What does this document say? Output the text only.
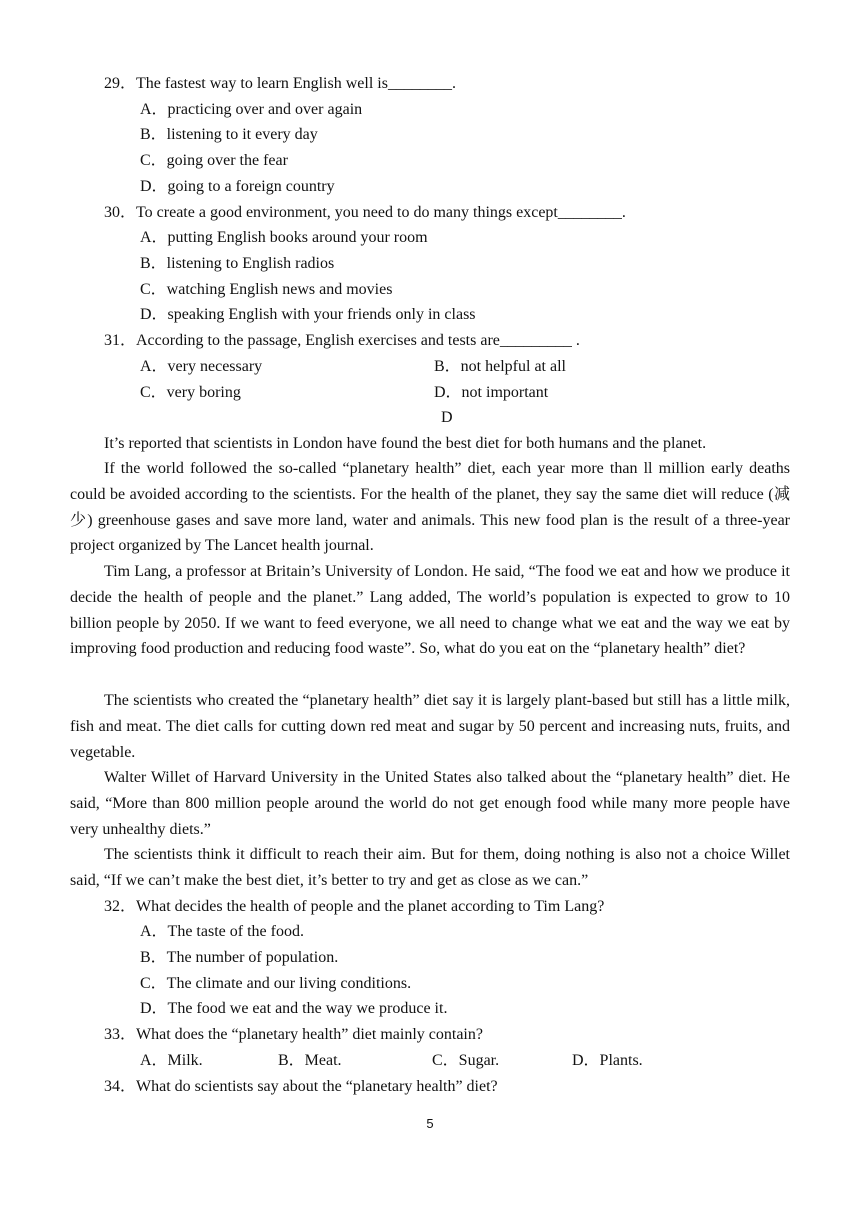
29．The fastest way to learn English well is________.
A．practicing over and over again
B．listening to it every day
C．going over the fear
D．going to a foreign country
30．To create a good environment, you need to do many things except________.
A．putting English books around your room
B．listening to English radios
C．watching English news and movies
D．speaking English with your friends only in class
31．According to the passage, English exercises and tests are_________ .
A．very necessary	B．not helpful at all
C．very boring	D．not important
D
It’s reported that scientists in London have found the best diet for both humans and the planet.
If the world followed the so-called “planetary health” diet, each year more than ll million early deaths could be avoided according to the scientists. For the health of the planet, they say the same diet will reduce (减少) greenhouse gases and save more land, water and animals. This new food plan is the result of a three-year project organized by The Lancet health journal.
Tim Lang, a professor at Britain’s University of London. He said, “The food we eat and how we produce it decide the health of people and the planet.” Lang added, The world’s population is expected to grow to 10 billion people by 2050. If we want to feed everyone, we all need to change what we eat and the way we eat by improving food production and reducing food waste”. So, what do you eat on the “planetary health” diet?
The scientists who created the “planetary health” diet say it is largely plant-based but still has a little milk, fish and meat. The diet calls for cutting down red meat and sugar by 50 percent and increasing nuts, fruits, and vegetable.
Walter Willet of Harvard University in the United States also talked about the “planetary health” diet. He said, “More than 800 million people around the world do not get enough food while many more people have very unhealthy diets.”
The scientists think it difficult to reach their aim. But for them, doing nothing is also not a choice Willet said, “If we can’t make the best diet, it’s better to try and get as close as we can.”
32．What decides the health of people and the planet according to Tim Lang?
A．The taste of the food.
B．The number of population.
C．The climate and our living conditions.
D．The food we eat and the way we produce it.
33．What does the “planetary health” diet mainly contain?
A．Milk.	B．Meat.	C．Sugar.	D．Plants.
34．What do scientists say about the “planetary health” diet?
5
